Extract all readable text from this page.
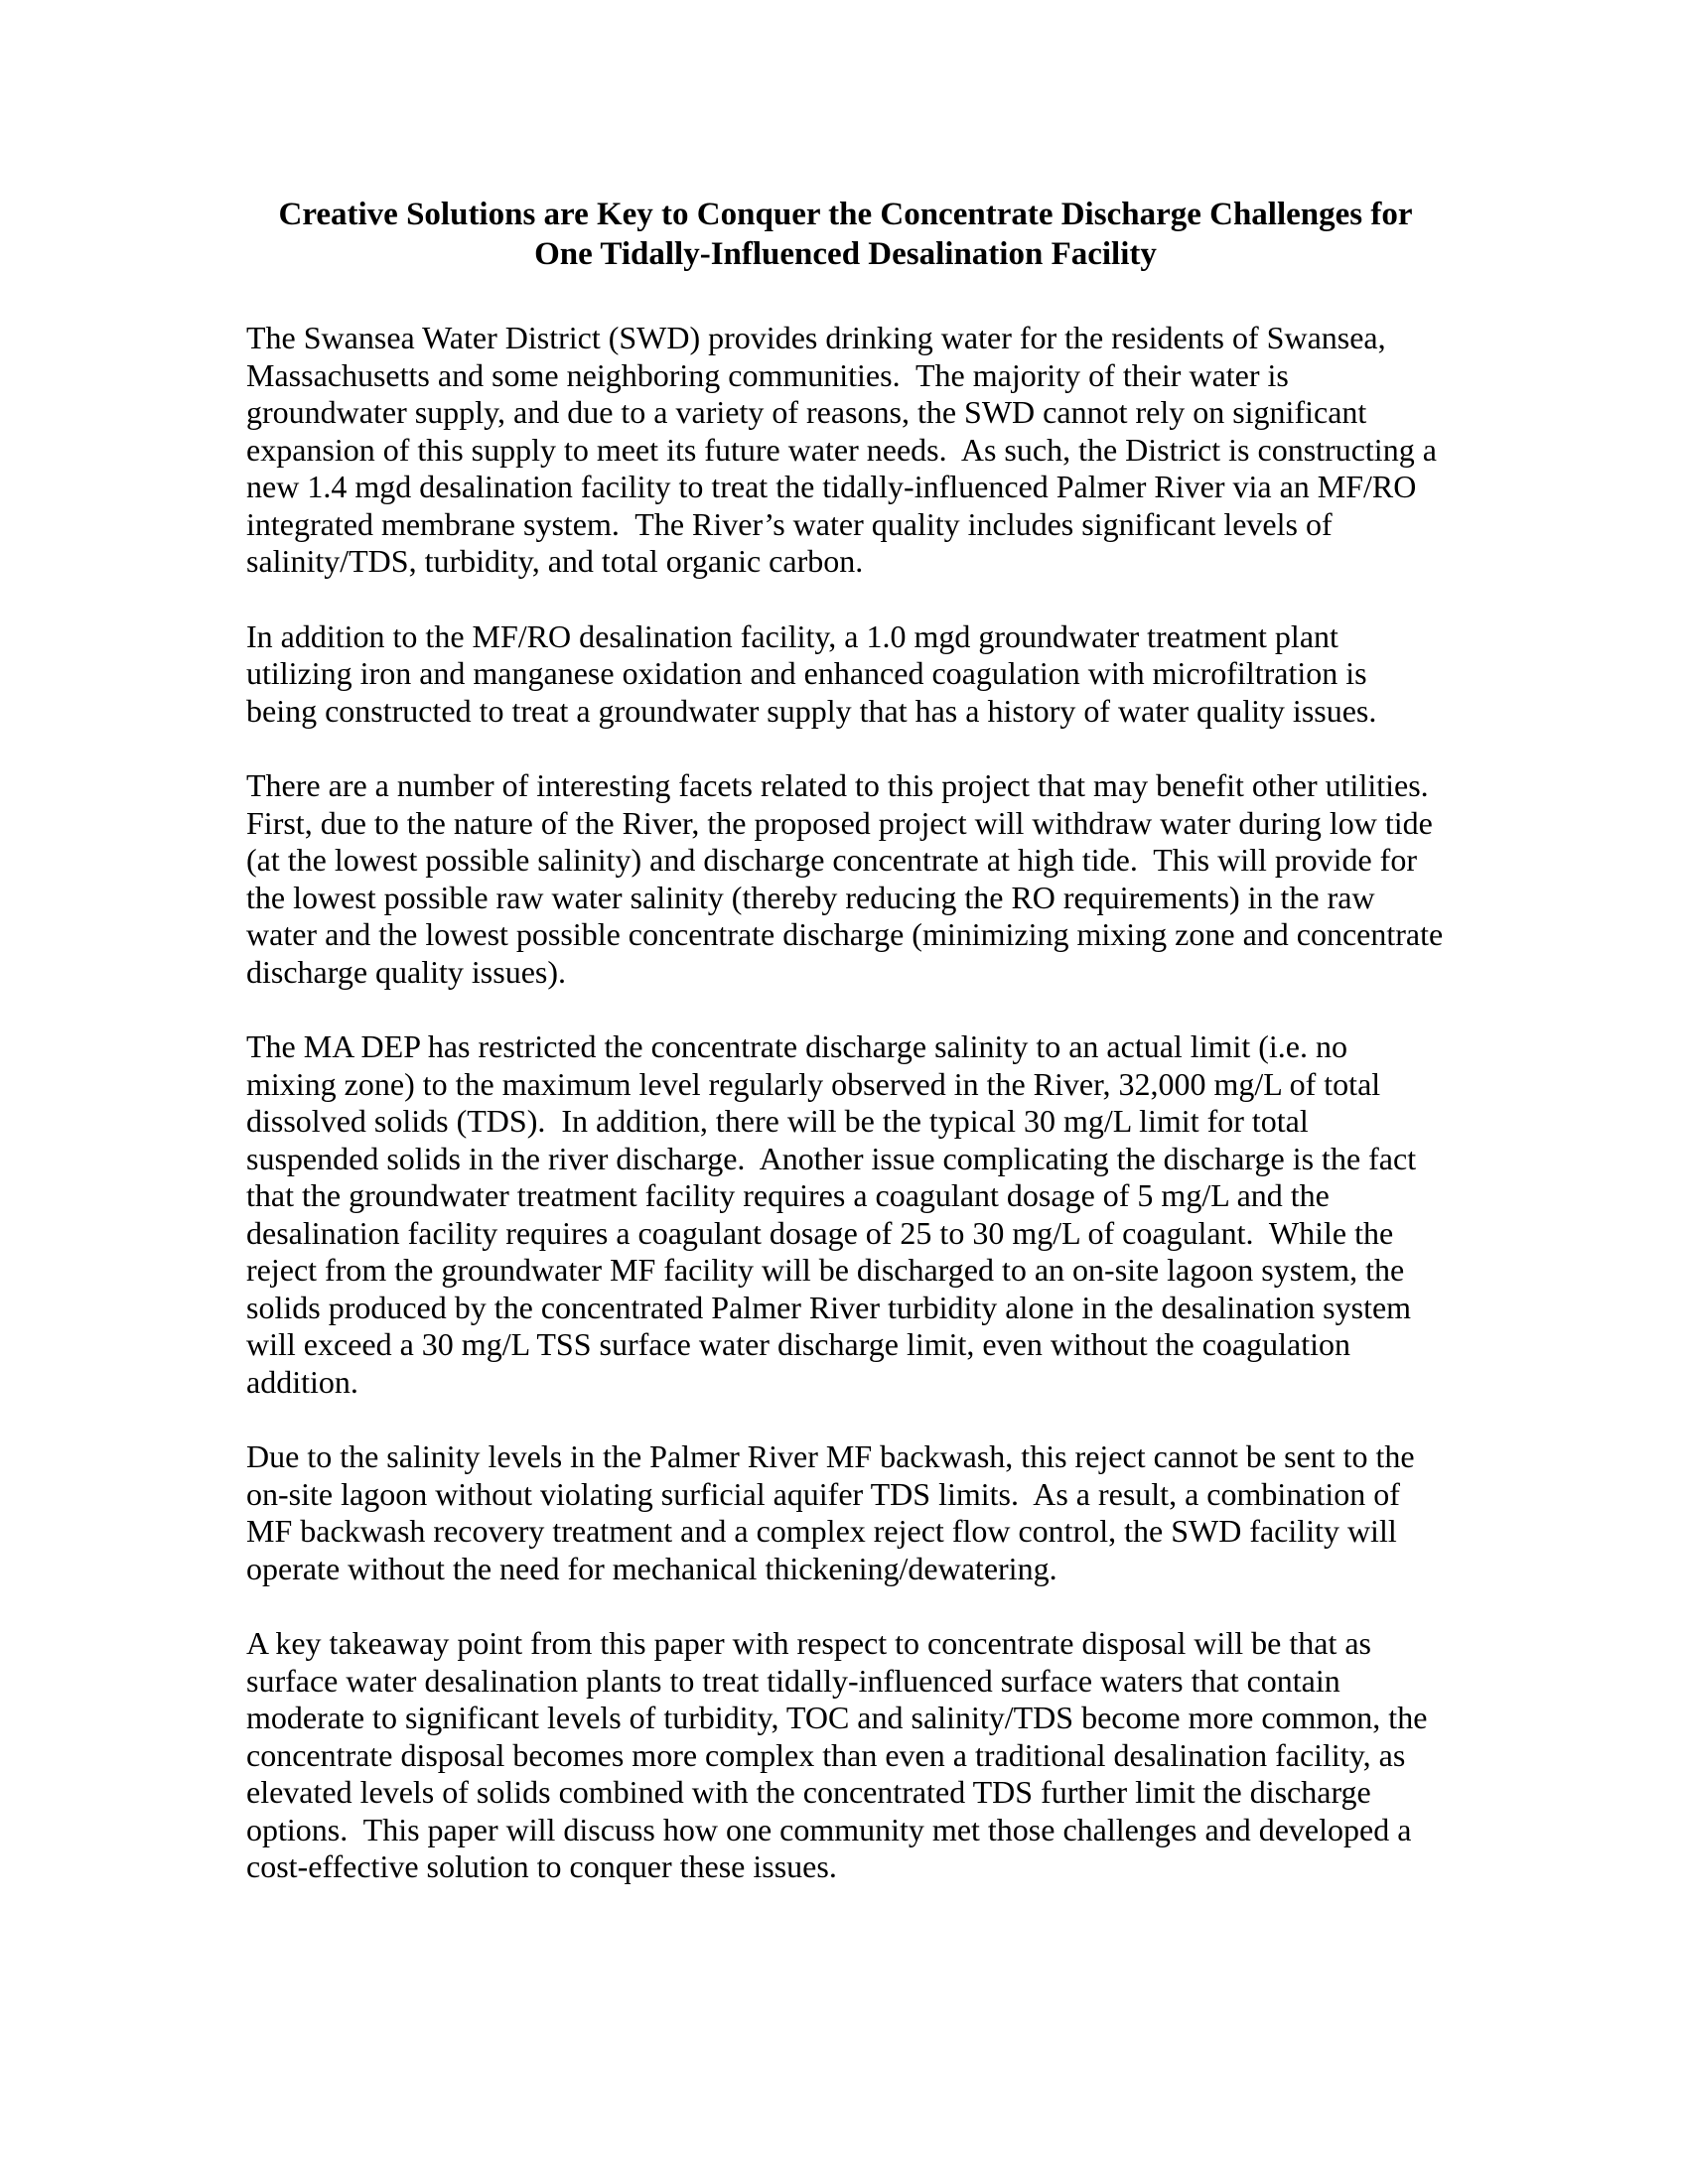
Creative Solutions are Key to Conquer the Concentrate Discharge Challenges for
One Tidally-Influenced Desalination Facility

The Swansea Water District (SWD) provides drinking water for the residents of Swansea, Massachusetts and some neighboring communities.  The majority of their water is groundwater supply, and due to a variety of reasons, the SWD cannot rely on significant expansion of this supply to meet its future water needs.  As such, the District is constructing a new 1.4 mgd desalination facility to treat the tidally-influenced Palmer River via an MF/RO integrated membrane system.  The River’s water quality includes significant levels of salinity/TDS, turbidity, and total organic carbon.

In addition to the MF/RO desalination facility, a 1.0 mgd groundwater treatment plant utilizing iron and manganese oxidation and enhanced coagulation with microfiltration is being constructed to treat a groundwater supply that has a history of water quality issues.

There are a number of interesting facets related to this project that may benefit other utilities.  First, due to the nature of the River, the proposed project will withdraw water during low tide (at the lowest possible salinity) and discharge concentrate at high tide.  This will provide for the lowest possible raw water salinity (thereby reducing the RO requirements) in the raw water and the lowest possible concentrate discharge (minimizing mixing zone and concentrate discharge quality issues).

The MA DEP has restricted the concentrate discharge salinity to an actual limit (i.e. no mixing zone) to the maximum level regularly observed in the River, 32,000 mg/L of total dissolved solids (TDS).  In addition, there will be the typical 30 mg/L limit for total suspended solids in the river discharge.  Another issue complicating the discharge is the fact that the groundwater treatment facility requires a coagulant dosage of 5 mg/L and the desalination facility requires a coagulant dosage of 25 to 30 mg/L of coagulant.  While the reject from the groundwater MF facility will be discharged to an on-site lagoon system, the solids produced by the concentrated Palmer River turbidity alone in the desalination system will exceed a 30 mg/L TSS surface water discharge limit, even without the coagulation addition.

Due to the salinity levels in the Palmer River MF backwash, this reject cannot be sent to the on-site lagoon without violating surficial aquifer TDS limits.  As a result, a combination of MF backwash recovery treatment and a complex reject flow control, the SWD facility will operate without the need for mechanical thickening/dewatering.

A key takeaway point from this paper with respect to concentrate disposal will be that as surface water desalination plants to treat tidally-influenced surface waters that contain moderate to significant levels of turbidity, TOC and salinity/TDS become more common, the concentrate disposal becomes more complex than even a traditional desalination facility, as elevated levels of solids combined with the concentrated TDS further limit the discharge options.  This paper will discuss how one community met those challenges and developed a cost-effective solution to conquer these issues.
